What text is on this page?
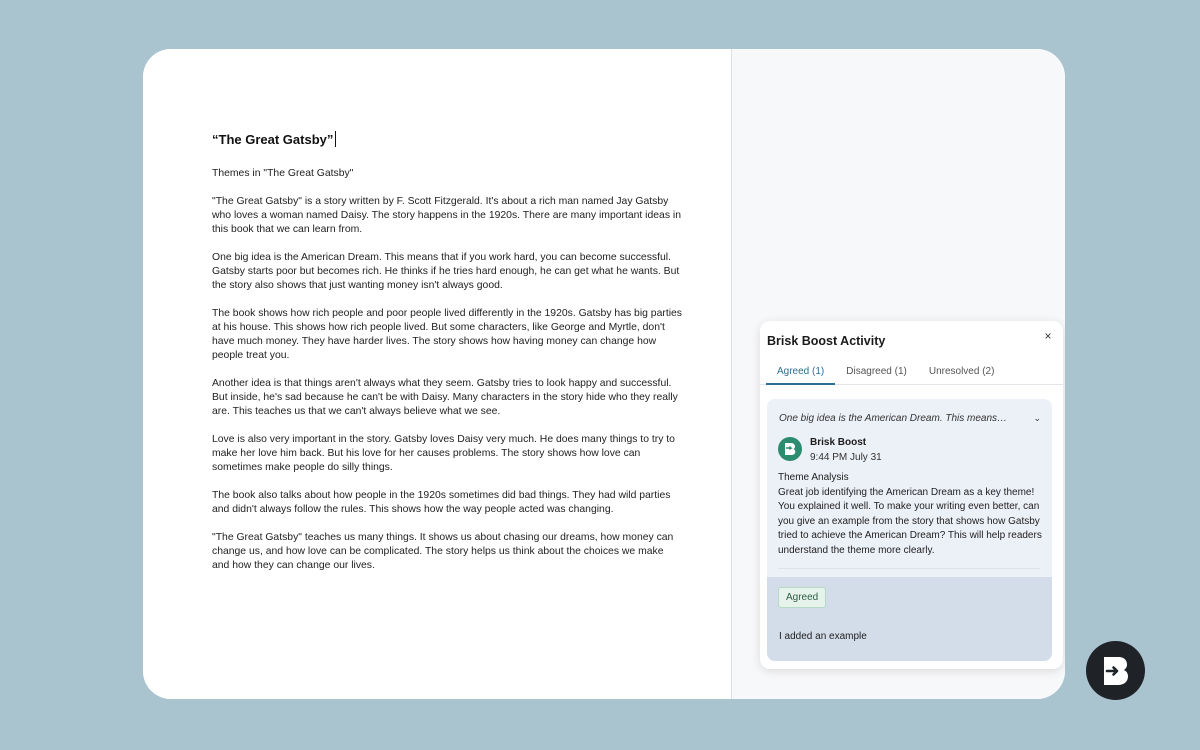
“The Great Gatsby”

Themes in "The Great Gatsby"

"The Great Gatsby" is a story written by F. Scott Fitzgerald. It's about a rich man named Jay Gatsby who loves a woman named Daisy. The story happens in the 1920s. There are many important ideas in this book that we can learn from.

One big idea is the American Dream. This means that if you work hard, you can become successful. Gatsby starts poor but becomes rich. He thinks if he tries hard enough, he can get what he wants. But the story also shows that just wanting money isn't always good.

The book shows how rich people and poor people lived differently in the 1920s. Gatsby has big parties at his house. This shows how rich people lived. But some characters, like George and Myrtle, don't have much money. They have harder lives. The story shows how having money can change how people treat you.

Another idea is that things aren't always what they seem. Gatsby tries to look happy and successful. But inside, he's sad because he can't be with Daisy. Many characters in the story hide who they really are. This teaches us that we can't always believe what we see.

Love is also very important in the story. Gatsby loves Daisy very much. He does many things to try to make her love him back. But his love for her causes problems. The story shows how love can sometimes make people do silly things.

The book also talks about how people in the 1920s sometimes did bad things. They had wild parties and didn't always follow the rules. This shows how the way people acted was changing.

"The Great Gatsby" teaches us many things. It shows us about chasing our dreams, how money can change us, and how love can be complicated. The story helps us think about the choices we make and how they can change our lives.

Brisk Boost Activity	×
Agreed (1)	Disagreed (1)	Unresolved (2)
One big idea is the American Dream. This means…	⌄
Brisk Boost
9:44 PM July 31
Theme Analysis
Great job identifying the American Dream as a key theme! You explained it well. To make your writing even better, can you give an example from the story that shows how Gatsby tried to achieve the American Dream? This will help readers understand the theme more clearly.
Agreed
I added an example
